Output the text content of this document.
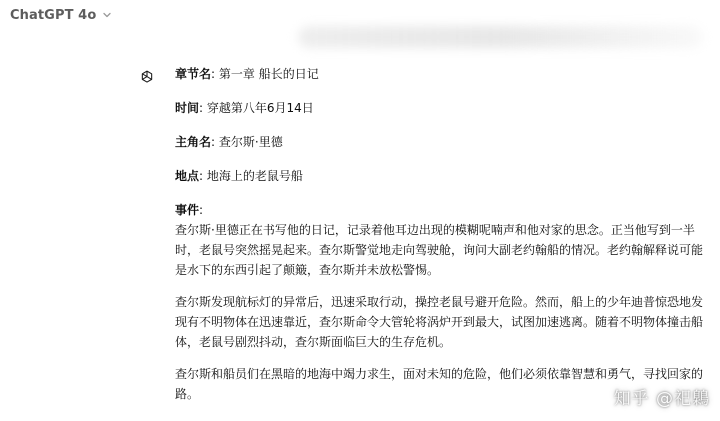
ChatGPT 4o
章节名: 第一章 船长的日记
时间: 穿越第八年6月14日
主角名: 查尔斯·里德
地点: 地海上的老鼠号船
事件:
查尔斯·里德正在书写他的日记，记录着他耳边出现的模糊呢喃声和他对家的思念。正当他写到一半时，老鼠号突然摇晃起来。查尔斯警觉地走向驾驶舱，询问大副老约翰船的情况。老约翰解释说可能是水下的东西引起了颠簸，查尔斯并未放松警惕。
查尔斯发现航标灯的异常后，迅速采取行动，操控老鼠号避开危险。然而，船上的少年迪普惊恐地发现有不明物体在迅速靠近，查尔斯命令大管轮将涡炉开到最大，试图加速逃离。随着不明物体撞击船体，老鼠号剧烈抖动，查尔斯面临巨大的生存危机。
查尔斯和船员们在黑暗的地海中竭力求生，面对未知的危险，他们必须依靠智慧和勇气，寻找回家的路。	知乎 @祀鷍
